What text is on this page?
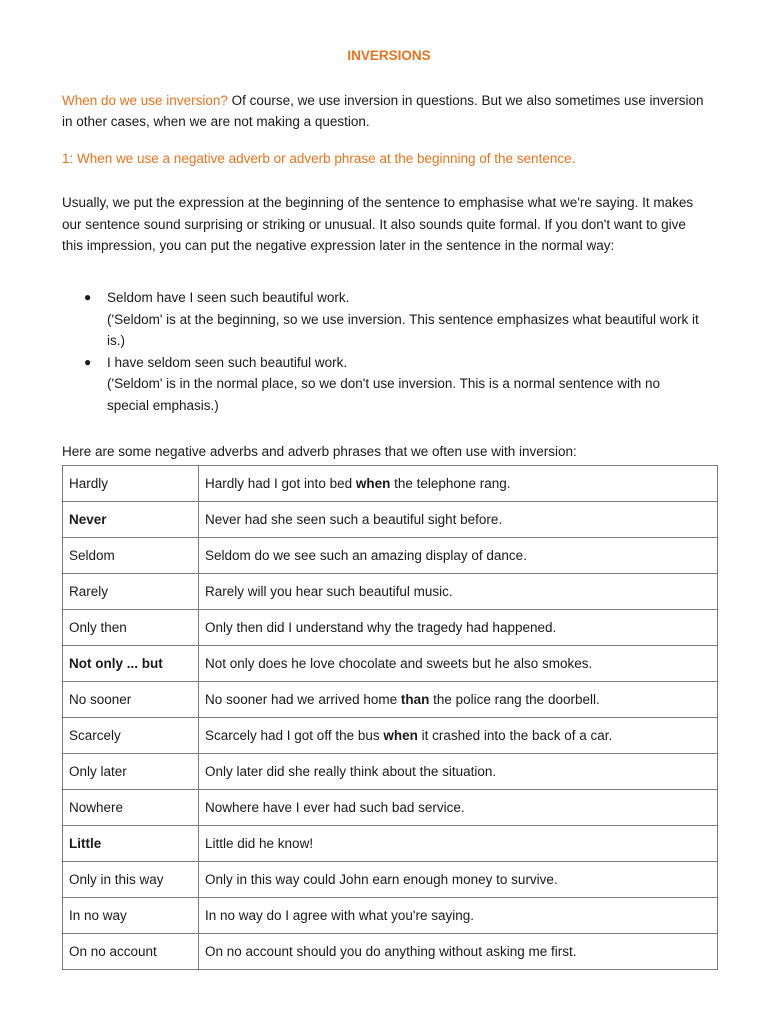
INVERSIONS
When do we use inversion? Of course, we use inversion in questions. But we also sometimes use inversion
in other cases, when we are not making a question.
1: When we use a negative adverb or adverb phrase at the beginning of the sentence.
Usually, we put the expression at the beginning of the sentence to emphasise what we're saying. It makes
our sentence sound surprising or striking or unusual. It also sounds quite formal. If you don't want to give
this impression, you can put the negative expression later in the sentence in the normal way:
● Seldom have I seen such beautiful work.
('Seldom' is at the beginning, so we use inversion. This sentence emphasizes what beautiful work it
is.)
● I have seldom seen such beautiful work.
('Seldom' is in the normal place, so we don't use inversion. This is a normal sentence with no
special emphasis.)
Here are some negative adverbs and adverb phrases that we often use with inversion:
Hardly	Hardly had I got into bed when the telephone rang.
Never	Never had she seen such a beautiful sight before.
Seldom	Seldom do we see such an amazing display of dance.
Rarely	Rarely will you hear such beautiful music.
Only then	Only then did I understand why the tragedy had happened.
Not only ... but	Not only does he love chocolate and sweets but he also smokes.
No sooner	No sooner had we arrived home than the police rang the doorbell.
Scarcely	Scarcely had I got off the bus when it crashed into the back of a car.
Only later	Only later did she really think about the situation.
Nowhere	Nowhere have I ever had such bad service.
Little	Little did he know!
Only in this way	Only in this way could John earn enough money to survive.
In no way	In no way do I agree with what you're saying.
On no account	On no account should you do anything without asking me first.
